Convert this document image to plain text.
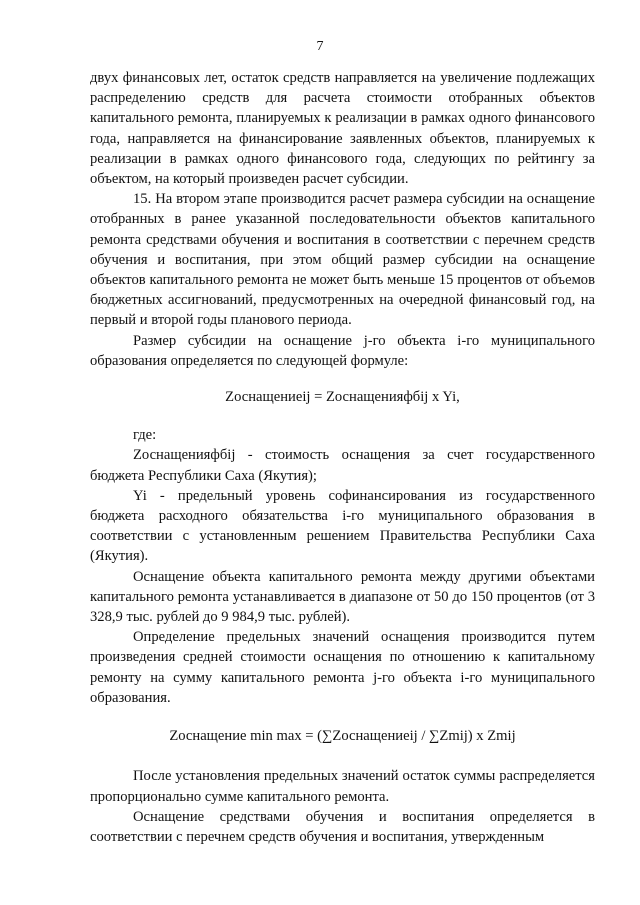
7

двух финансовых лет, остаток средств направляется на увеличение подлежащих распределению средств для расчета стоимости отобранных объектов капитального ремонта, планируемых к реализации в рамках одного финансового года, направляется на финансирование заявленных объектов, планируемых к реализации в рамках одного финансового года, следующих по рейтингу за объектом, на который произведен расчет субсидии.

15. На втором этапе производится расчет размера субсидии на оснащение отобранных в ранее указанной последовательности объектов капитального ремонта средствами обучения и воспитания в соответствии с перечнем средств обучения и воспитания, при этом общий размер субсидии на оснащение объектов капитального ремонта не может быть меньше 15 процентов от объемов бюджетных ассигнований, предусмотренных на очередной финансовый год, на первый и второй годы планового периода.

Размер субсидии на оснащение j-го объекта i-го муниципального образования определяется по следующей формуле:

Zоснащениеij = Zоснащенияфбij x Yi,

где:

Zоснащенияфбij - стоимость оснащения за счет государственного бюджета Республики Саха (Якутия);

Yi - предельный уровень софинансирования из государственного бюджета расходного обязательства i-го муниципального образования в соответствии с установленным решением Правительства Республики Саха (Якутия).

Оснащение объекта капитального ремонта между другими объектами капитального ремонта устанавливается в диапазоне от 50 до 150 процентов (от 3 328,9 тыс. рублей до 9 984,9 тыс. рублей).

Определение предельных значений оснащения производится путем произведения средней стоимости оснащения по отношению к капитальному ремонту на сумму капитального ремонта j-го объекта i-го муниципального образования.

Zоснащение min max = (∑Zоснащениеij / ∑Zmij) x Zmij

После установления предельных значений остаток суммы распределяется пропорционально сумме капитального ремонта.

Оснащение средствами обучения и воспитания определяется в соответствии с перечнем средств обучения и воспитания, утвержденным
